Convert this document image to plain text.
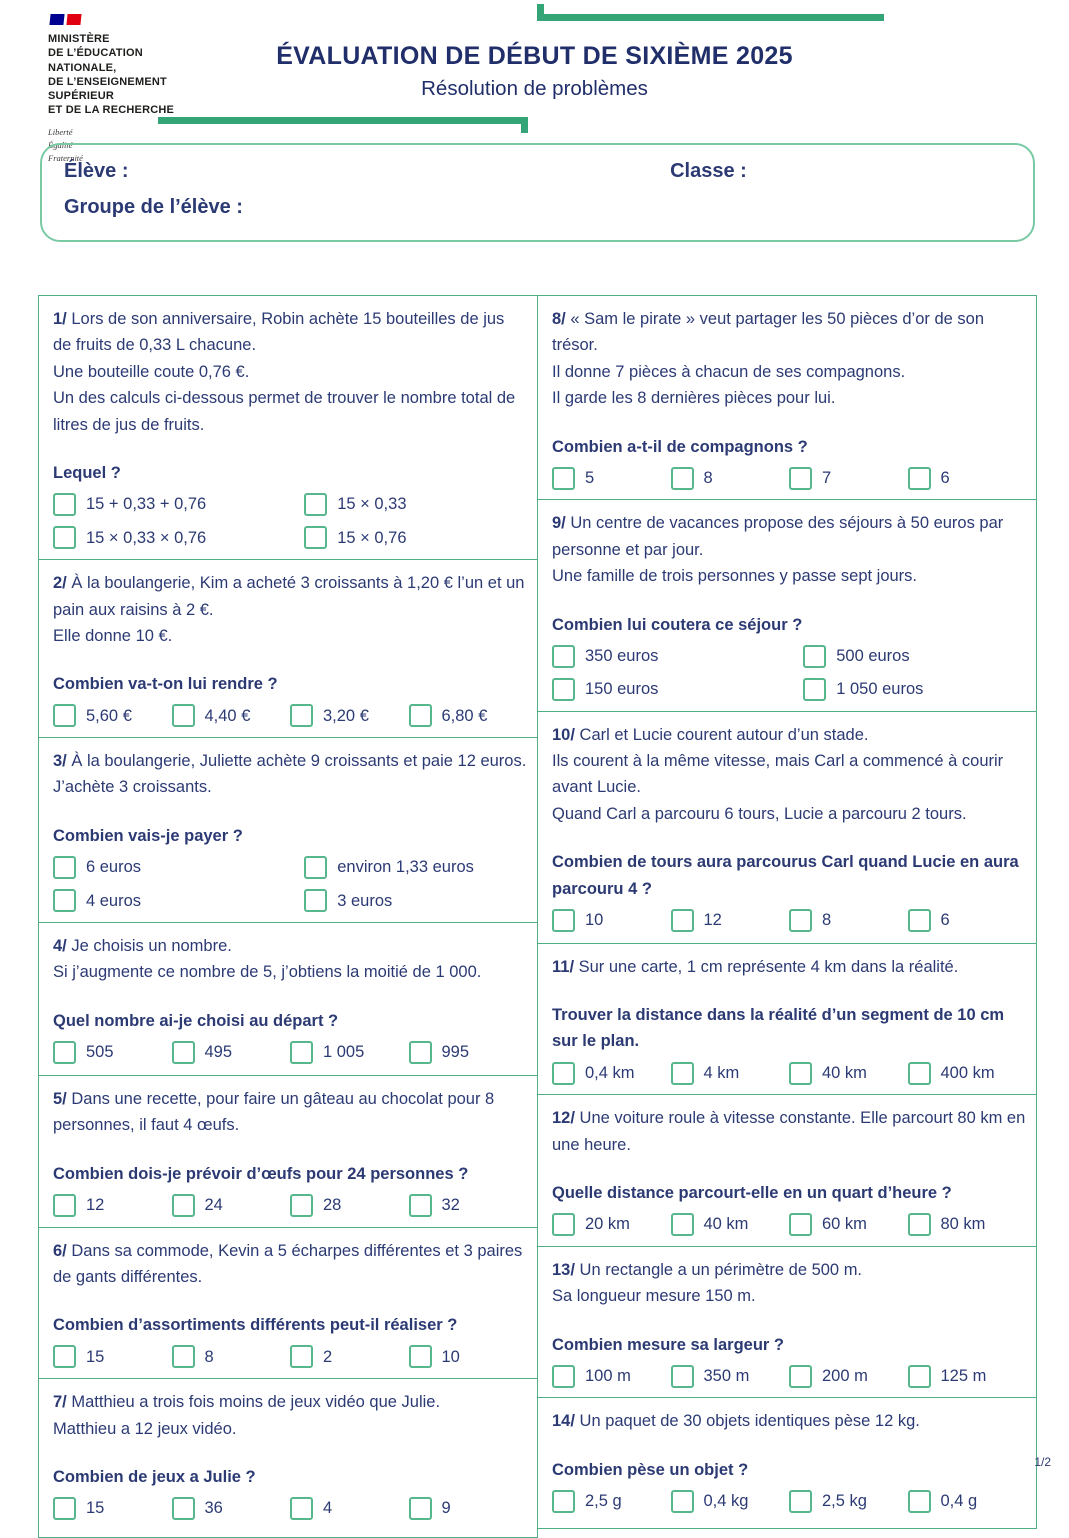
MINISTÈRE
DE L’ÉDUCATION
NATIONALE,
DE L’ENSEIGNEMENT
SUPÉRIEUR
ET DE LA RECHERCHE
Liberté
Égalité
Fraternité
ÉVALUATION DE DÉBUT DE SIXIÈME 2025

Résolution de problèmes

Élève :	Classe :
Groupe de l’élève :

1/ Lors de son anniversaire, Robin achète 15 bouteilles de jus de fruits de 0,33 L chacune.

Une bouteille coute 0,76 €.

Un des calculs ci-dessous permet de trouver le nombre total de litres de jus de fruits.

Lequel ?

15 + 0,33 + 0,76	15 × 0,33
15 × 0,33 × 0,76	15 × 0,76

2/ À la boulangerie, Kim a acheté 3 croissants à 1,20 € l’un et un pain aux raisins à 2 €.

Elle donne 10 €.

Combien va-t-on lui rendre ?

5,60 €	4,40 €	3,20 €	6,80 €

3/ À la boulangerie, Juliette achète 9 croissants et paie 12 euros.

J’achète 3 croissants.

Combien vais-je payer ?

6 euros	environ 1,33 euros
4 euros	3 euros

4/ Je choisis un nombre.

Si j’augmente ce nombre de 5, j’obtiens la moitié de 1 000.

Quel nombre ai-je choisi au départ ?

505	495	1 005	995

5/ Dans une recette, pour faire un gâteau au chocolat pour 8 personnes, il faut 4 œufs.

Combien dois-je prévoir d’œufs pour 24 personnes ?

12	24	28	32

6/ Dans sa commode, Kevin a 5 écharpes différentes et 3 paires de gants différentes.

Combien d’assortiments différents peut-il réaliser ?

15	8	2	10

7/ Matthieu a trois fois moins de jeux vidéo que Julie.

Matthieu a 12 jeux vidéo.

Combien de jeux a Julie ?

15	36	4	9

8/ « Sam le pirate » veut partager les 50 pièces d’or de son trésor.

Il donne 7 pièces à chacun de ses compagnons.

Il garde les 8 dernières pièces pour lui.

Combien a-t-il de compagnons ?

5	8	7	6

9/ Un centre de vacances propose des séjours à 50 euros par personne et par jour.

Une famille de trois personnes y passe sept jours.

Combien lui coutera ce séjour ?

350 euros	500 euros
150 euros	1 050 euros

10/ Carl et Lucie courent autour d’un stade.

Ils courent à la même vitesse, mais Carl a commencé à courir avant Lucie.

Quand Carl a parcouru 6 tours, Lucie a parcouru 2 tours.

Combien de tours aura parcourus Carl quand Lucie en aura parcouru 4 ?

10	12	8	6

11/ Sur une carte, 1 cm représente 4 km dans la réalité.

Trouver la distance dans la réalité d’un segment de 10 cm sur le plan.

0,4 km	4 km	40 km	400 km

12/ Une voiture roule à vitesse constante. Elle parcourt 80 km en une heure.

Quelle distance parcourt-elle en un quart d’heure ?

20 km	40 km	60 km	80 km

13/ Un rectangle a un périmètre de 500 m.

Sa longueur mesure 150 m.

Combien mesure sa largeur ?

100 m	350 m	200 m	125 m

14/ Un paquet de 30 objets identiques pèse 12 kg.

Combien pèse un objet ?

2,5 g	0,4 kg	2,5 kg	0,4 g
1/2
